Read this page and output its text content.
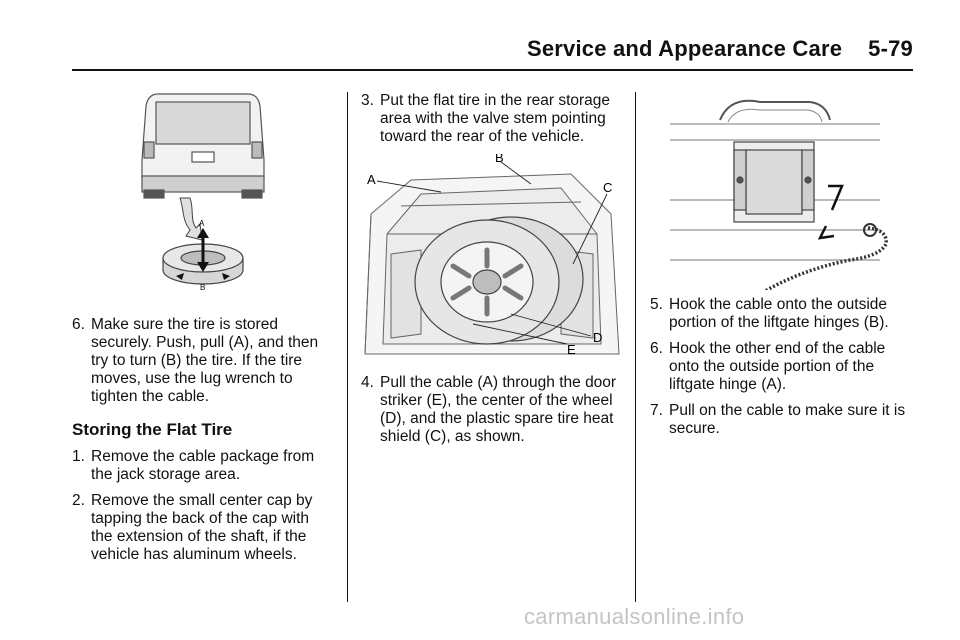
Service and Appearance Care 5-79
A
B
6. Make sure the tire is stored securely. Push, pull (A), and then try to turn (B) the tire. If the tire moves, use the lug wrench to tighten the cable.
Storing the Flat Tire
1. Remove the cable package from the jack storage area.
2. Remove the small center cap by tapping the back of the cap with the extension of the shaft, if the vehicle has aluminum wheels.
3. Put the flat tire in the rear storage area with the valve stem pointing toward the rear of the vehicle.
A
B
C
D
E
4. Pull the cable (A) through the door striker (E), the center of the wheel (D), and the plastic spare tire heat shield (C), as shown.
5. Hook the cable onto the outside portion of the liftgate hinges (B).
6. Hook the other end of the cable onto the outside portion of the liftgate hinge (A).
7. Pull on the cable to make sure it is secure.
carmanualsonline.info
